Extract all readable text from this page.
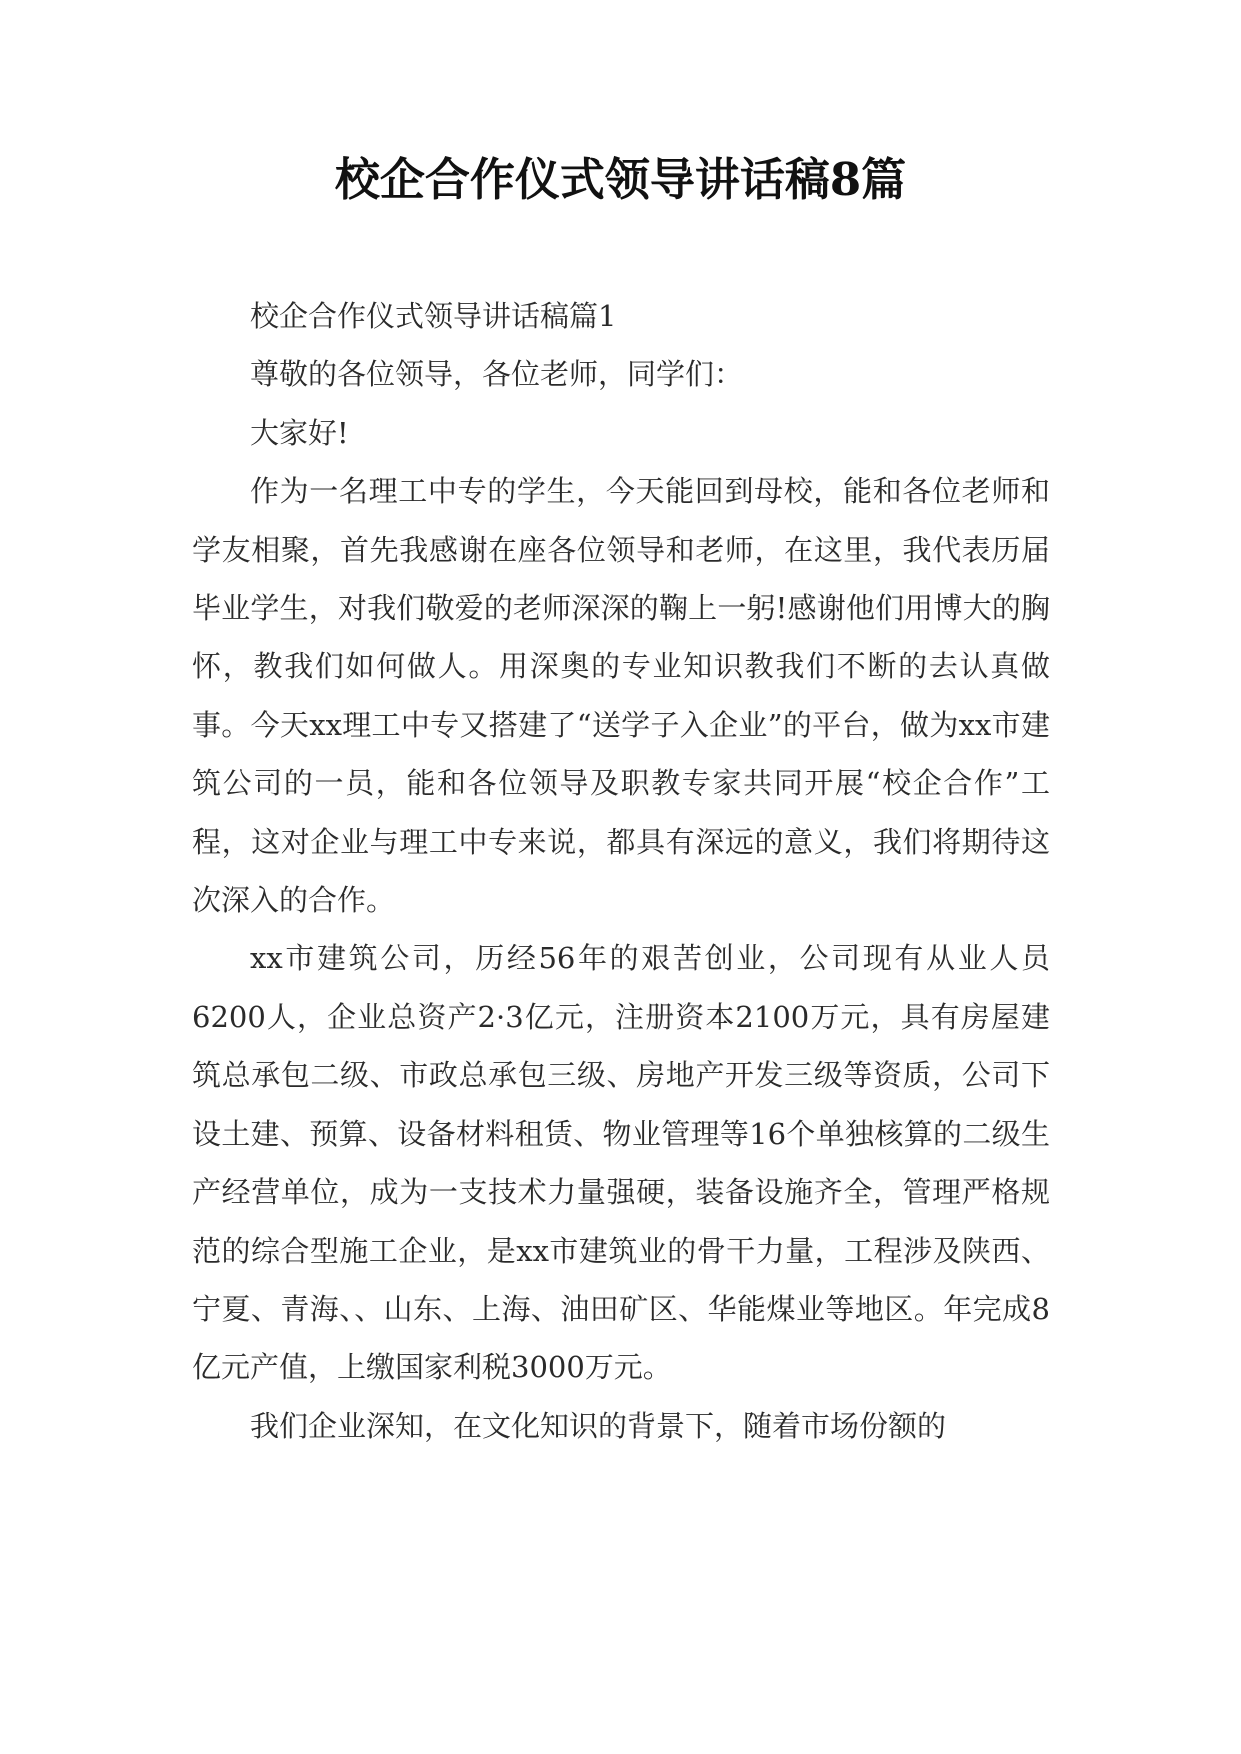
校企合作仪式领导讲话稿8篇

校企合作仪式领导讲话稿篇1

尊敬的各位领导，各位老师，同学们：

大家好!

作为一名理工中专的学生，今天能回到母校，能和各位老师和学友相聚，首先我感谢在座各位领导和老师，在这里，我代表历届毕业学生，对我们敬爱的老师深深的鞠上一躬!感谢他们用博大的胸怀，教我们如何做人。用深奥的专业知识教我们不断的去认真做事。今天xx理工中专又搭建了“送学子入企业”的平台，做为xx市建筑公司的一员，能和各位领导及职教专家共同开展“校企合作”工程，这对企业与理工中专来说，都具有深远的意义，我们将期待这次深入的合作。

xx市建筑公司，历经56年的艰苦创业，公司现有从业人员6200人，企业总资产2·3亿元，注册资本2100万元，具有房屋建筑总承包二级、市政总承包三级、房地产开发三级等资质，公司下设土建、预算、设备材料租赁、物业管理等16个单独核算的二级生产经营单位，成为一支技术力量强硬，装备设施齐全，管理严格规范的综合型施工企业，是xx市建筑业的骨干力量，工程涉及陕西、宁夏、青海、、山东、上海、油田矿区、华能煤业等地区。年完成8亿元产值，上缴国家利税3000万元。

我们企业深知，在文化知识的背景下，随着市场份额的
